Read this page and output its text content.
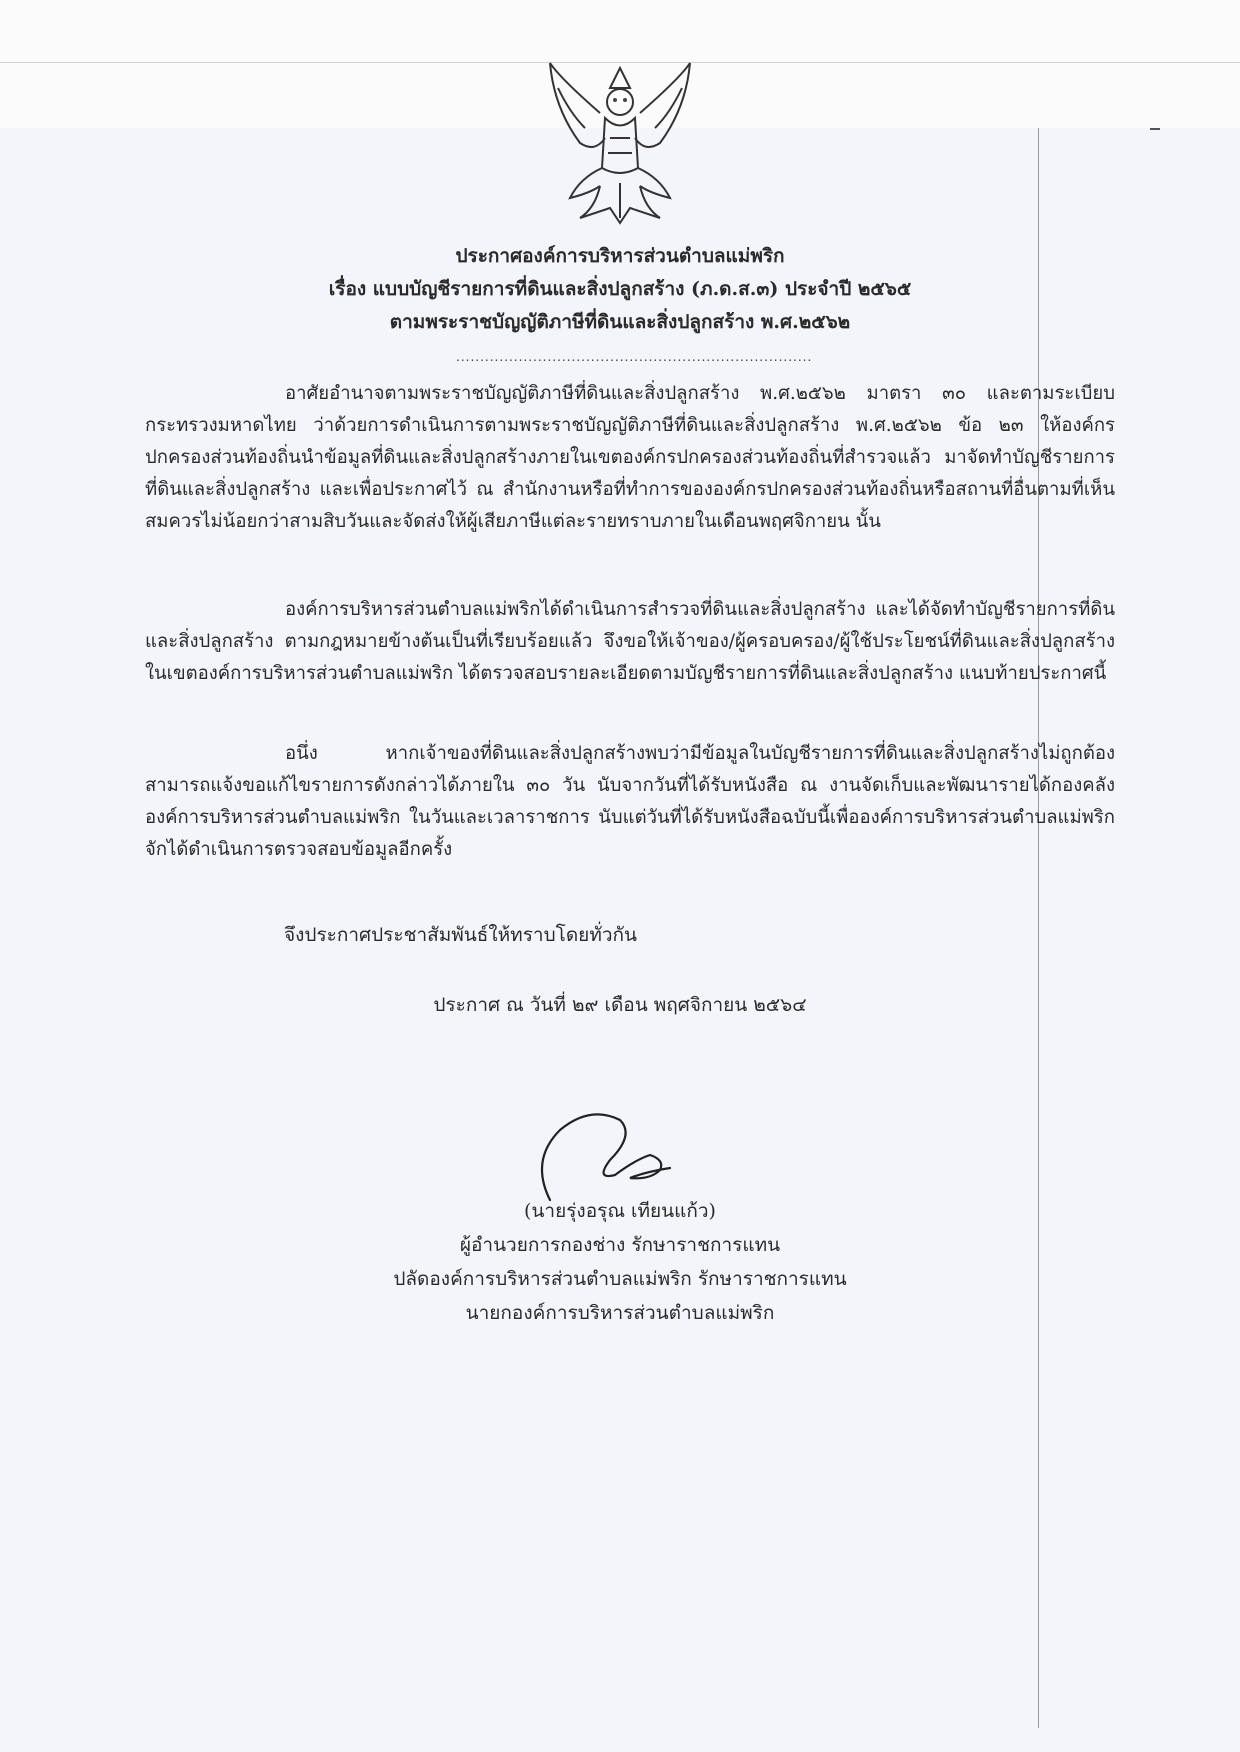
ประกาศองค์การบริหารส่วนตำบลแม่พริก
เรื่อง แบบบัญชีรายการที่ดินและสิ่งปลูกสร้าง (ภ.ด.ส.๓) ประจำปี ๒๕๖๕
ตามพระราชบัญญัติภาษีที่ดินและสิ่งปลูกสร้าง พ.ศ.๒๕๖๒
..........................................................................

อาศัยอำนาจตามพระราชบัญญัติภาษีที่ดินและสิ่งปลูกสร้าง พ.ศ.๒๕๖๒ มาตรา ๓๐ และตามระเบียบกระทรวงมหาดไทย ว่าด้วยการดำเนินการตามพระราชบัญญัติภาษีที่ดินและสิ่งปลูกสร้าง พ.ศ.๒๕๖๒ ข้อ ๒๓ ให้องค์กรปกครองส่วนท้องถิ่นนำข้อมูลที่ดินและสิ่งปลูกสร้างภายในเขตองค์กรปกครองส่วนท้องถิ่นที่สำรวจแล้ว มาจัดทำบัญชีรายการที่ดินและสิ่งปลูกสร้าง และเพื่อประกาศไว้ ณ สำนักงานหรือที่ทำการขององค์กรปกครองส่วนท้องถิ่นหรือสถานที่อื่นตามที่เห็นสมควรไม่น้อยกว่าสามสิบวันและจัดส่งให้ผู้เสียภาษีแต่ละรายทราบภายในเดือนพฤศจิกายน นั้น

องค์การบริหารส่วนตำบลแม่พริกได้ดำเนินการสำรวจที่ดินและสิ่งปลูกสร้าง และได้จัดทำบัญชีรายการที่ดินและสิ่งปลูกสร้าง ตามกฎหมายข้างต้นเป็นที่เรียบร้อยแล้ว จึงขอให้เจ้าของ/ผู้ครอบครอง/ผู้ใช้ประโยชน์ที่ดินและสิ่งปลูกสร้างในเขตองค์การบริหารส่วนตำบลแม่พริก ได้ตรวจสอบรายละเอียดตามบัญชีรายการที่ดินและสิ่งปลูกสร้าง แนบท้ายประกาศนี้

อนึ่ง หากเจ้าของที่ดินและสิ่งปลูกสร้างพบว่ามีข้อมูลในบัญชีรายการที่ดินและสิ่งปลูกสร้างไม่ถูกต้อง สามารถแจ้งขอแก้ไขรายการดังกล่าวได้ภายใน ๓๐ วัน นับจากวันที่ได้รับหนังสือ ณ งานจัดเก็บและพัฒนารายได้กองคลัง องค์การบริหารส่วนตำบลแม่พริก ในวันและเวลาราชการ นับแต่วันที่ได้รับหนังสือฉบับนี้เพื่อองค์การบริหารส่วนตำบลแม่พริก จักได้ดำเนินการตรวจสอบข้อมูลอีกครั้ง

จึงประกาศประชาสัมพันธ์ให้ทราบโดยทั่วกัน
ประกาศ ณ วันที่ ๒๙ เดือน พฤศจิกายน ๒๕๖๔
(นายรุ่งอรุณ เทียนแก้ว)
ผู้อำนวยการกองช่าง รักษาราชการแทน
ปลัดองค์การบริหารส่วนตำบลแม่พริก รักษาราชการแทน
นายกองค์การบริหารส่วนตำบลแม่พริก
